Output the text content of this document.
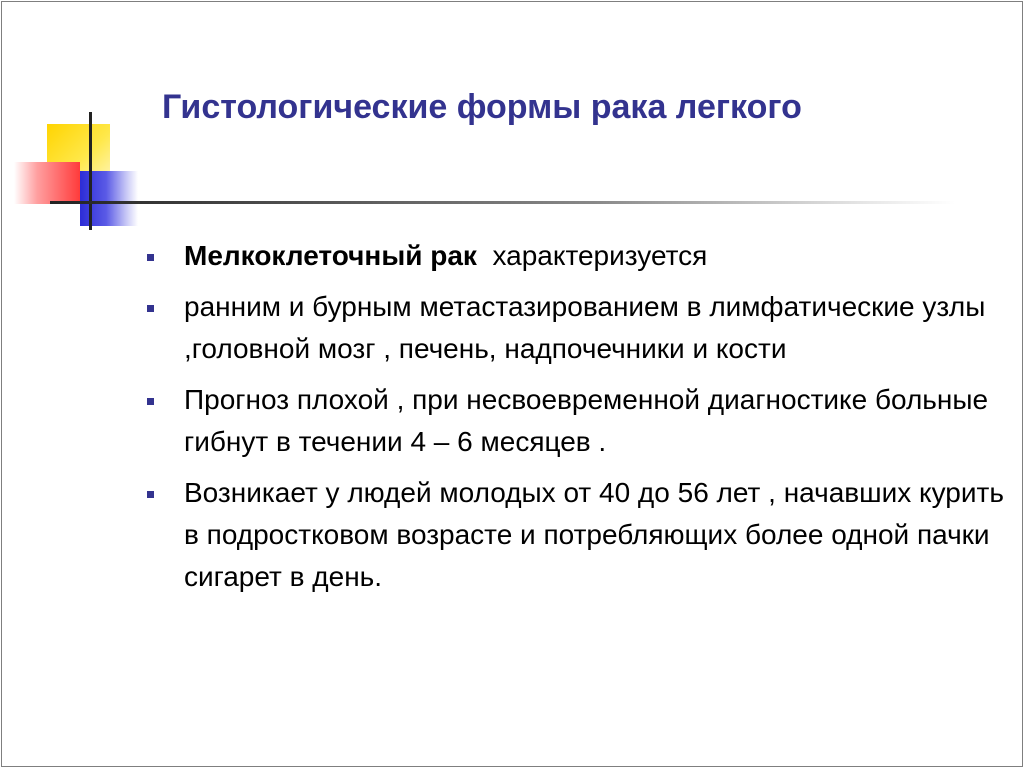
Гистологические формы рака легкого
Мелкоклеточный рак  характеризуется
ранним и бурным метастазированием в лимфатические узлы ,головной мозг , печень, надпочечники и кости
Прогноз плохой , при несвоевременной диагностике больные гибнут в течении 4 – 6 месяцев .
Возникает у людей молодых от 40 до 56 лет , начавших курить в подростковом возрасте и потребляющих более одной пачки сигарет в день.
